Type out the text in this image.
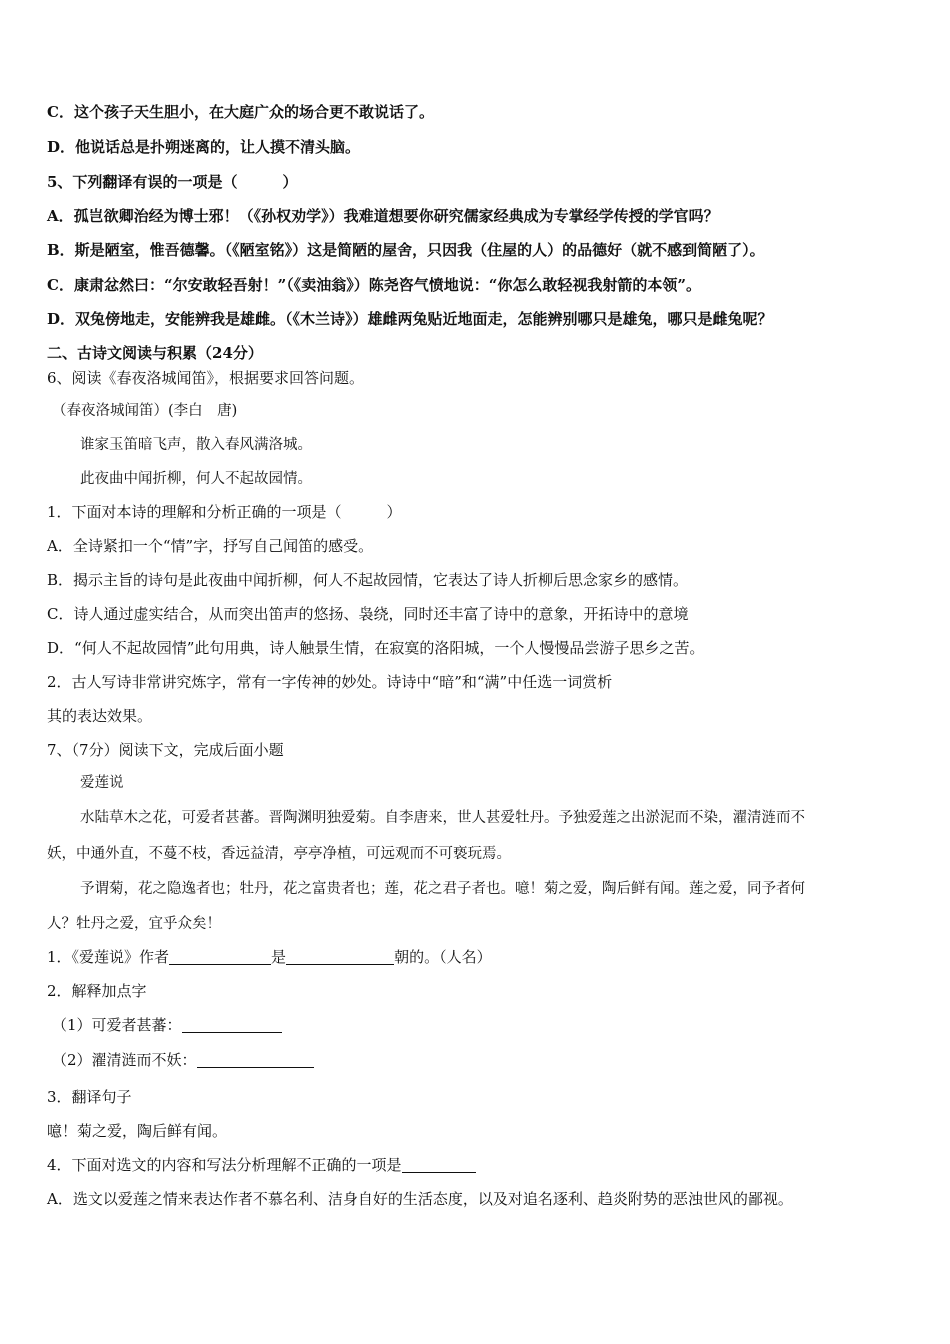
C．这个孩子天生胆小，在大庭广众的场合更不敢说话了。
D．他说话总是扑朔迷离的，让人摸不清头脑。
5、下列翻译有误的一项是（　　　）
A．孤岂欲卿治经为博士邪！（《孙权劝学》）我难道想要你研究儒家经典成为专掌经学传授的学官吗？
B．斯是陋室，惟吾德馨。（《陋室铭》）这是简陋的屋舍，只因我（住屋的人）的品德好（就不感到简陋了）。
C．康肃忿然曰：“尔安敢轻吾射！”（《卖油翁》）陈尧咨气愤地说：“你怎么敢轻视我射箭的本领”。
D．双兔傍地走，安能辨我是雄雌。（《木兰诗》）雄雌两兔贴近地面走，怎能辨别哪只是雄兔，哪只是雌兔呢？
二、古诗文阅读与积累（24分）
6、阅读《春夜洛城闻笛》，根据要求回答问题。
（春夜洛城闻笛）(李白　唐)
谁家玉笛暗飞声，散入春风满洛城。
此夜曲中闻折柳，何人不起故园情。
1．下面对本诗的理解和分析正确的一项是（　　　）
A．全诗紧扣一个“情”字，抒写自己闻笛的感受。
B．揭示主旨的诗句是此夜曲中闻折柳，何人不起故园情，它表达了诗人折柳后思念家乡的感情。
C．诗人通过虚实结合，从而突出笛声的悠扬、袅绕，同时还丰富了诗中的意象，开拓诗中的意境
D．“何人不起故园情”此句用典，诗人触景生情，在寂寞的洛阳城，一个人慢慢品尝游子思乡之苦。
2．古人写诗非常讲究炼字，常有一字传神的妙处。诗诗中“暗”和“满”中任选一词赏析
其的表达效果。
7、（7分）阅读下文，完成后面小题
爱莲说
水陆草木之花，可爱者甚蕃。晋陶渊明独爱菊。自李唐来，世人甚爱牡丹。予独爱莲之出淤泥而不染，濯清涟而不
妖，中通外直，不蔓不枝，香远益清，亭亭净植，可远观而不可亵玩焉。
予谓菊，花之隐逸者也；牡丹，花之富贵者也；莲，花之君子者也。噫！菊之爱，陶后鲜有闻。莲之爱，同予者何
人？牡丹之爱，宜乎众矣！
1．《爱莲说》作者	是	朝的。（人名）
2．解释加点字
（1）可爱者甚蕃：
（2）濯清涟而不妖：
3．翻译句子
噫！菊之爱，陶后鲜有闻。
4．下面对选文的内容和写法分析理解不正确的一项是
A．选文以爱莲之情来表达作者不慕名利、洁身自好的生活态度，以及对追名逐利、趋炎附势的恶浊世风的鄙视。
